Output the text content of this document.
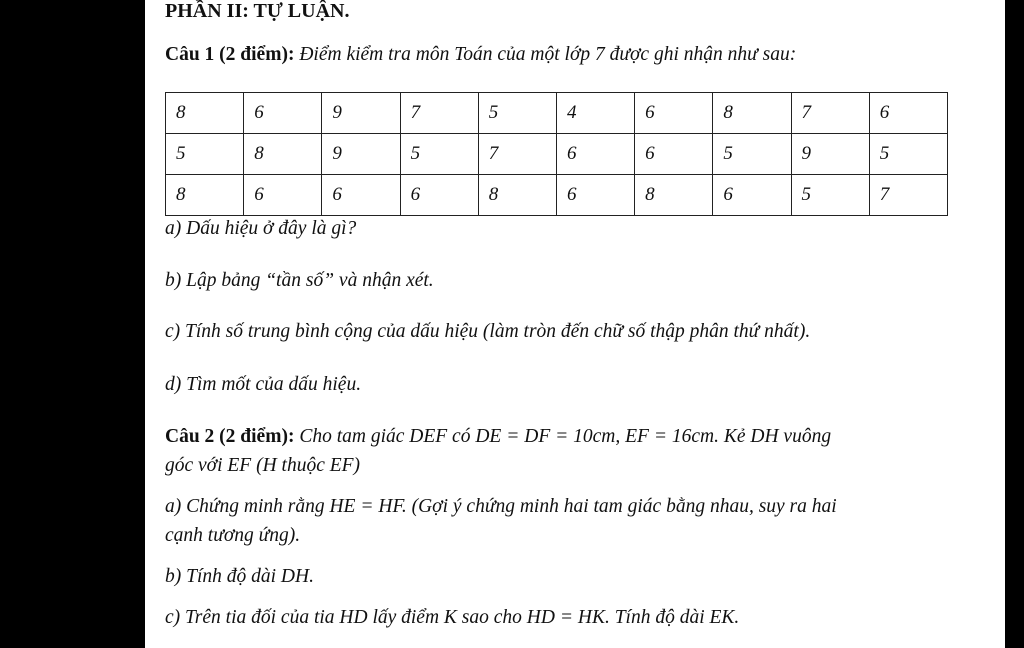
PHẦN II: TỰ LUẬN.
Câu 1 (2 điểm): Điểm kiểm tra môn Toán của một lớp 7 được ghi nhận như sau:
8	6	9	7	5	4	6	8	7	6
5	8	9	5	7	6	6	5	9	5
8	6	6	6	8	6	8	6	5	7
a) Dấu hiệu ở đây là gì?
b) Lập bảng “tần số” và nhận xét.
c) Tính số trung bình cộng của dấu hiệu (làm tròn đến chữ số thập phân thứ nhất).
d) Tìm mốt của dấu hiệu.
Câu 2 (2 điểm): Cho tam giác DEF có DE = DF = 10cm, EF = 16cm. Kẻ DH vuông
góc với EF (H thuộc EF)
a) Chứng minh rằng HE = HF. (Gợi ý chứng minh hai tam giác bằng nhau, suy ra hai
cạnh tương ứng).
b) Tính độ dài DH.
c) Trên tia đối của tia HD lấy điểm K sao cho HD = HK. Tính độ dài EK.
